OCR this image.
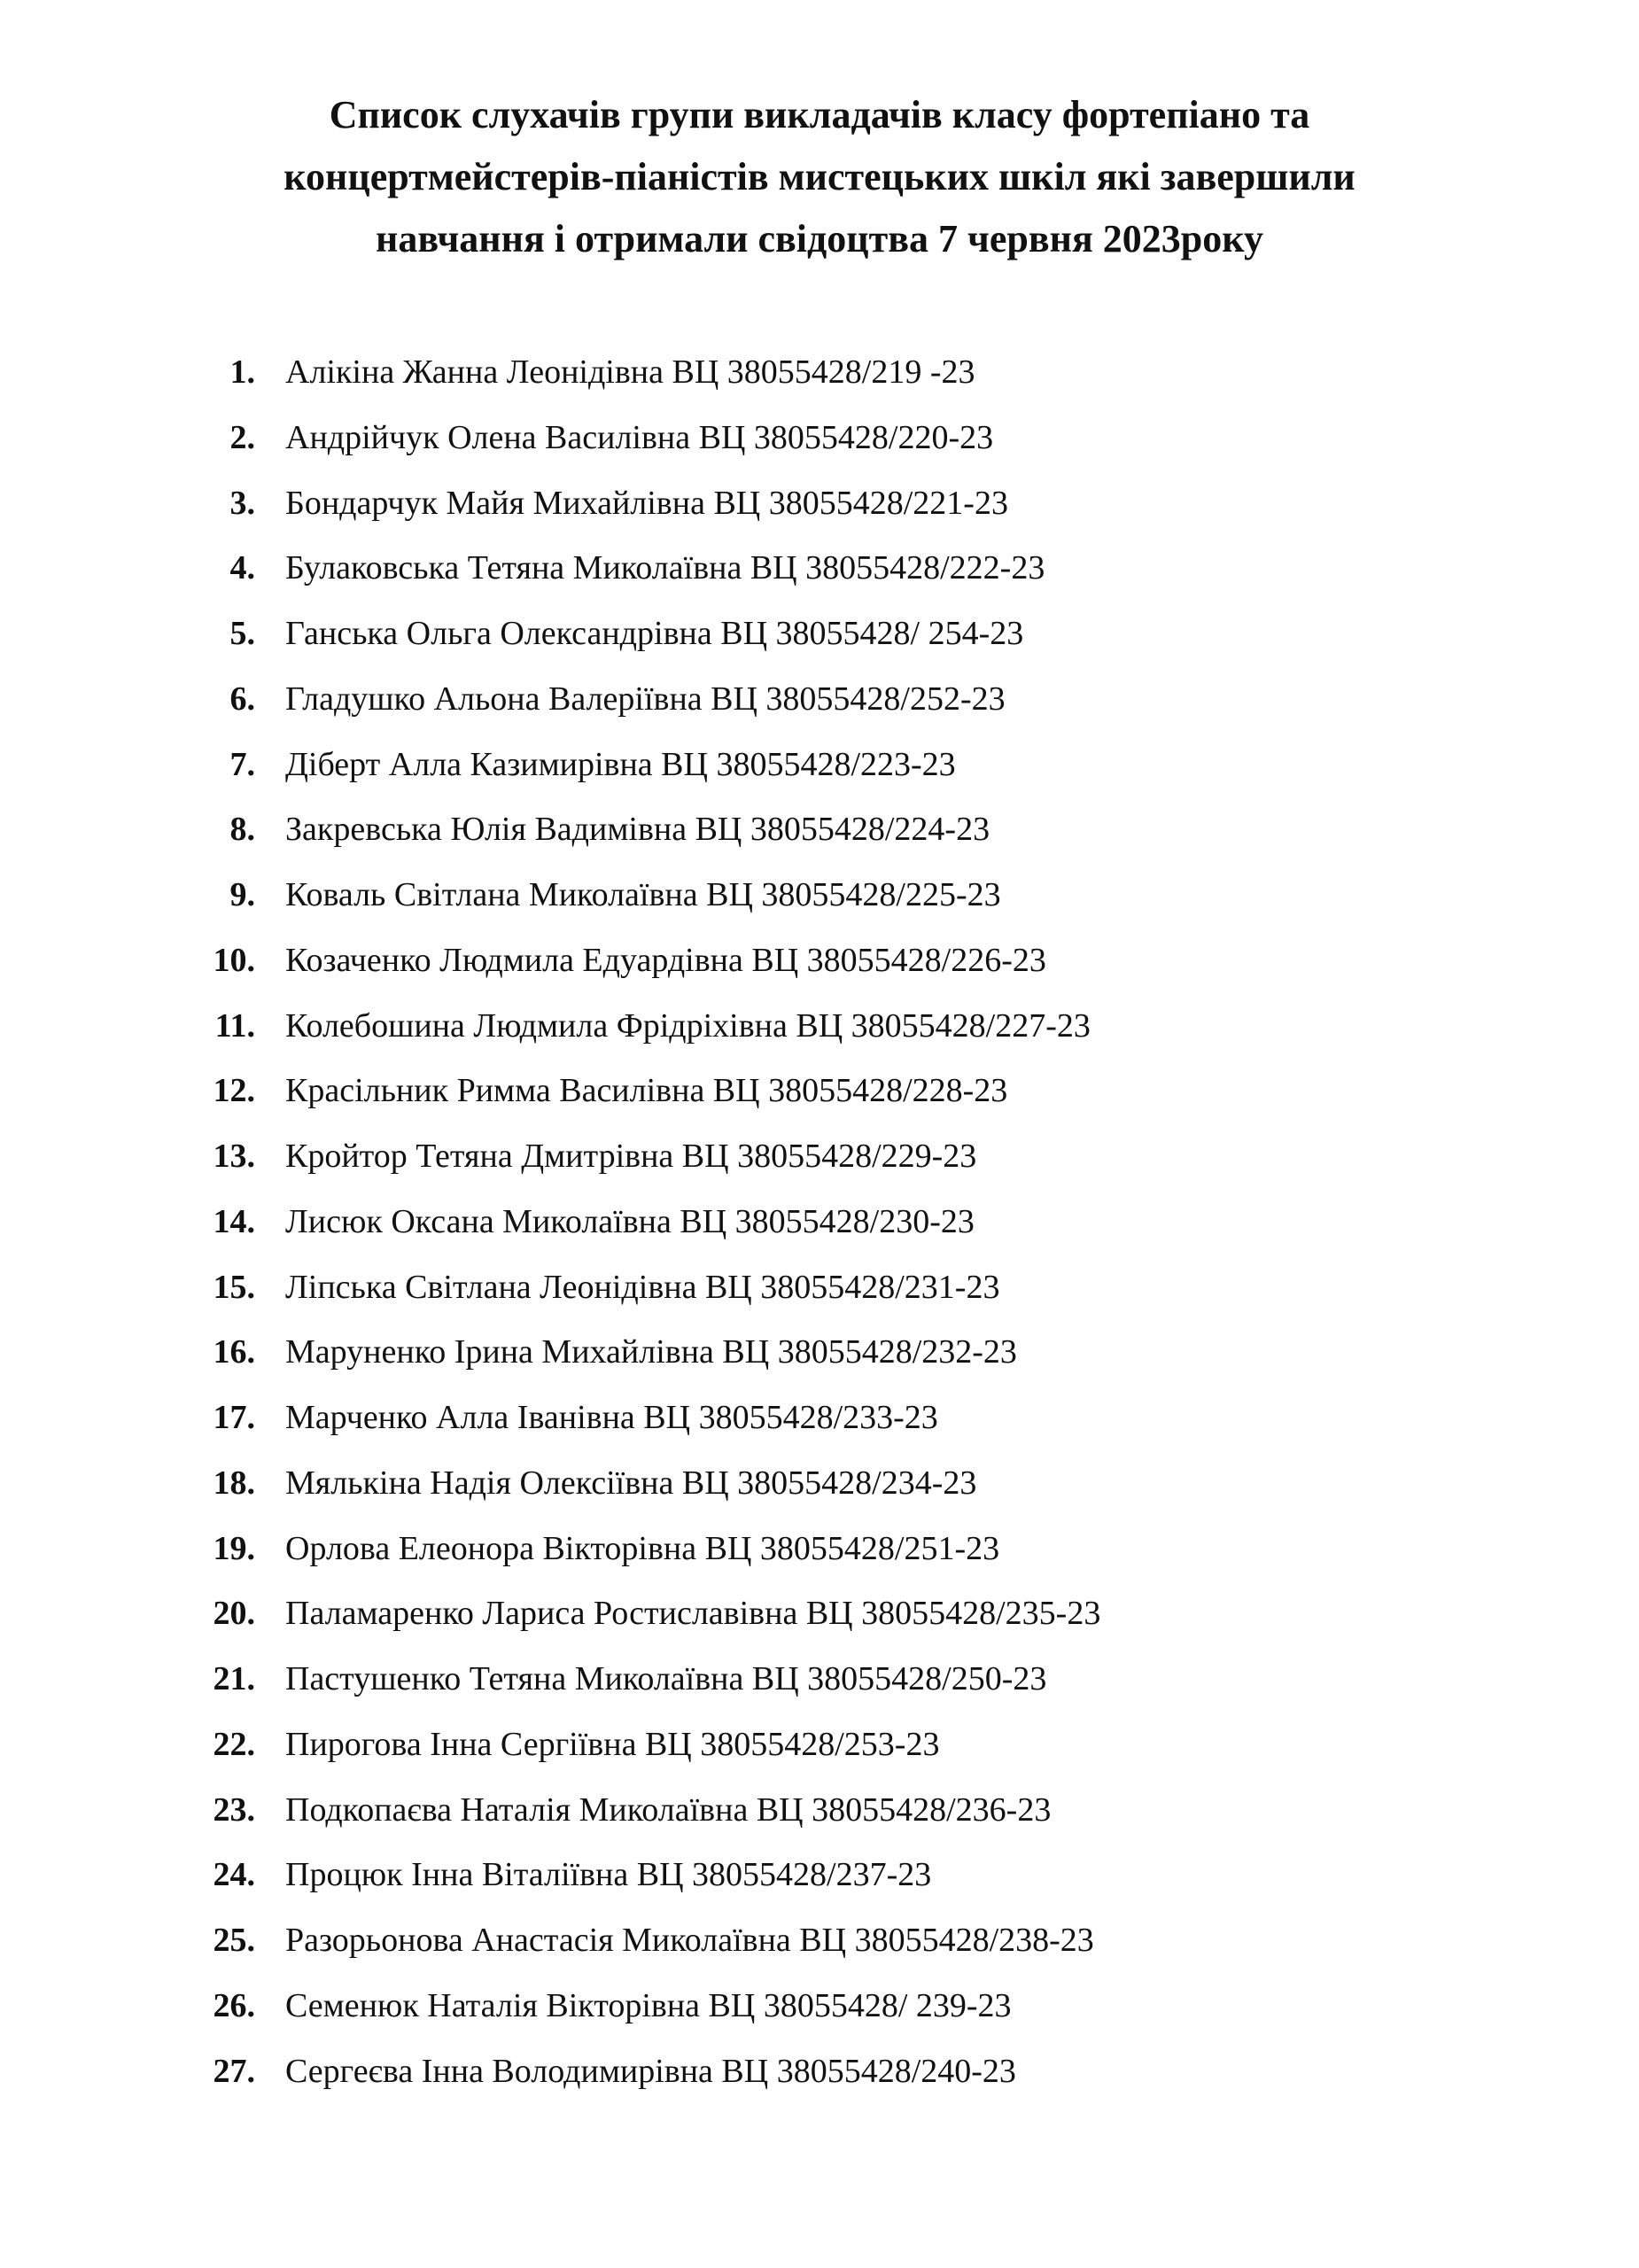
Список слухачів групи викладачів класу фортепіано та
концертмейстерів-піаністів мистецьких шкіл які завершили
навчання і отримали свідоцтва 7 червня 2023року
1. Алікіна Жанна Леонідівна ВЦ 38055428/219 -23
2. Андрійчук Олена Василівна ВЦ 38055428/220-23
3. Бондарчук Майя Михайлівна ВЦ 38055428/221-23
4. Булаковська Тетяна Миколаївна ВЦ 38055428/222-23
5. Ганська Ольга Олександрівна ВЦ 38055428/ 254-23
6. Гладушко Альона Валеріївна ВЦ 38055428/252-23
7. Діберт Алла Казимирівна ВЦ 38055428/223-23
8. Закревська Юлія Вадимівна ВЦ 38055428/224-23
9. Коваль Світлана Миколаївна ВЦ 38055428/225-23
10. Козаченко Людмила Едуардівна ВЦ 38055428/226-23
11. Колебошина Людмила Фрідріхівна ВЦ 38055428/227-23
12. Красільник Римма Василівна ВЦ 38055428/228-23
13. Кройтор Тетяна Дмитрівна ВЦ 38055428/229-23
14. Лисюк Оксана Миколаївна ВЦ 38055428/230-23
15. Ліпська Світлана Леонідівна ВЦ 38055428/231-23
16. Маруненко Ірина Михайлівна ВЦ 38055428/232-23
17. Марченко Алла Іванівна ВЦ 38055428/233-23
18. Мялькіна Надія Олексіївна ВЦ 38055428/234-23
19. Орлова Елеонора Вікторівна ВЦ 38055428/251-23
20. Паламаренко Лариса Ростиславівна ВЦ 38055428/235-23
21. Пастушенко Тетяна Миколаївна ВЦ 38055428/250-23
22. Пирогова Інна Сергіївна ВЦ 38055428/253-23
23. Подкопаєва Наталія Миколаївна ВЦ 38055428/236-23
24. Процюк Інна Віталіївна ВЦ 38055428/237-23
25. Разорьонова Анастасія Миколаївна ВЦ 38055428/238-23
26. Семенюк Наталія Вікторівна ВЦ 38055428/ 239-23
27. Сергеєва Інна Володимирівна ВЦ 38055428/240-23
